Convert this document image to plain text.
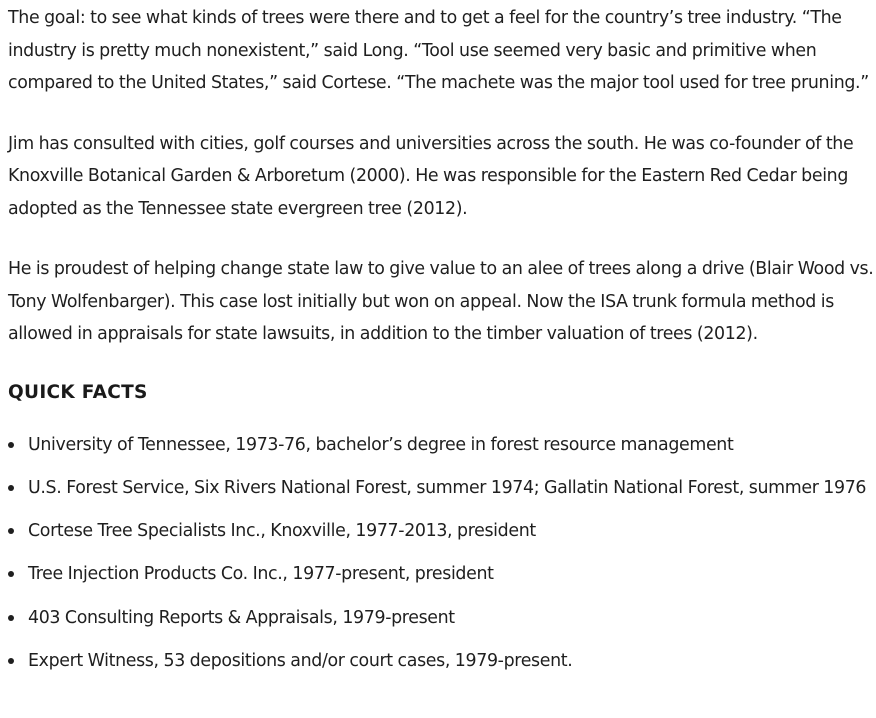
The goal: to see what kinds of trees were there and to get a feel for the country’s tree industry. “The industry is pretty much nonexistent,” said Long. “Tool use seemed very basic and primitive when compared to the United States,” said Cortese. “The machete was the major tool used for tree pruning.”

Jim has consulted with cities, golf courses and universities across the south. He was co-founder of the Knoxville Botanical Garden & Arboretum (2000). He was responsible for the Eastern Red Cedar being adopted as the Tennessee state evergreen tree (2012).

He is proudest of helping change state law to give value to an alee of trees along a drive (Blair Wood vs. Tony Wolfenbarger). This case lost initially but won on appeal. Now the ISA trunk formula method is allowed in appraisals for state lawsuits, in addition to the timber valuation of trees (2012).

QUICK FACTS
University of Tennessee, 1973-76, bachelor’s degree in forest resource management
U.S. Forest Service, Six Rivers National Forest, summer 1974; Gallatin National Forest, summer 1976
Cortese Tree Specialists Inc., Knoxville, 1977-2013, president
Tree Injection Products Co. Inc., 1977-present, president
403 Consulting Reports & Appraisals, 1979-present
Expert Witness, 53 depositions and/or court cases, 1979-present.
